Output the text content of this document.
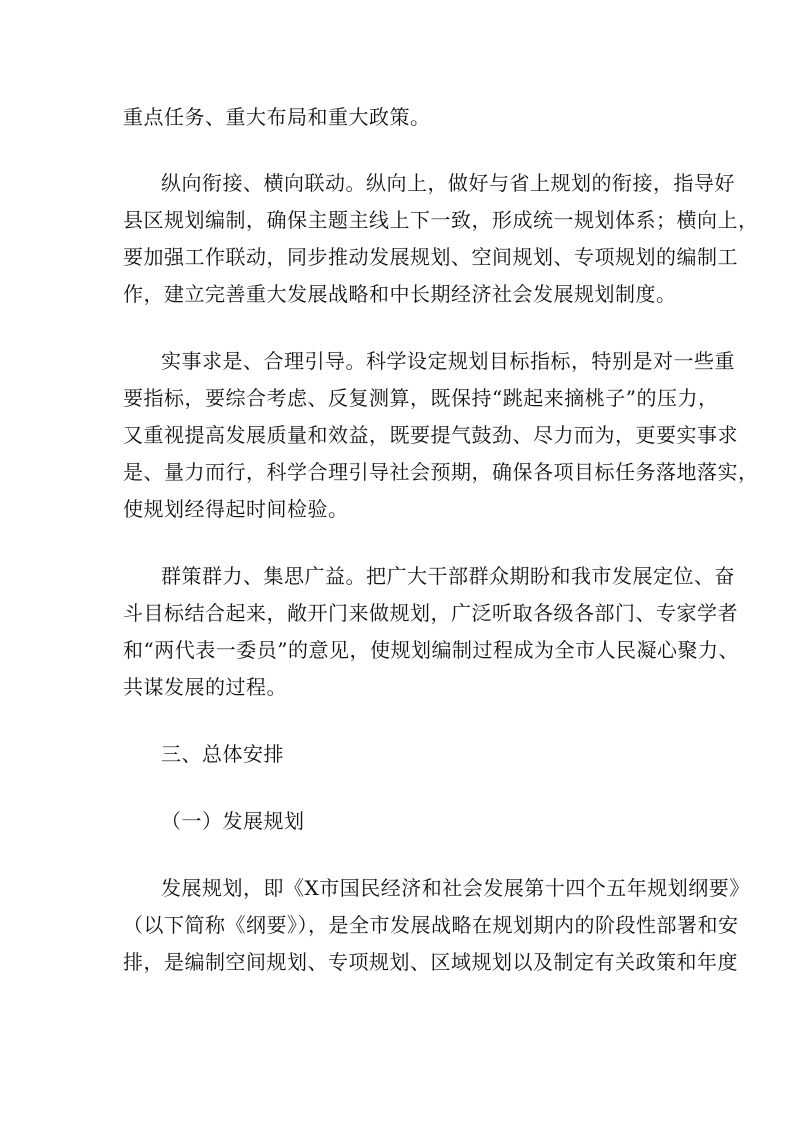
重点任务、重大布局和重大政策。
纵向衔接、横向联动。纵向上，做好与省上规划的衔接，指导好
县区规划编制，确保主题主线上下一致，形成统一规划体系；横向上，
要加强工作联动，同步推动发展规划、空间规划、专项规划的编制工
作，建立完善重大发展战略和中长期经济社会发展规划制度。
实事求是、合理引导。科学设定规划目标指标，特别是对一些重
要指标，要综合考虑、反复测算，既保持“跳起来摘桃子”的压力，
又重视提高发展质量和效益，既要提气鼓劲、尽力而为，更要实事求
是、量力而行，科学合理引导社会预期，确保各项目标任务落地落实，
使规划经得起时间检验。
群策群力、集思广益。把广大干部群众期盼和我市发展定位、奋
斗目标结合起来，敞开门来做规划，广泛听取各级各部门、专家学者
和“两代表一委员”的意见，使规划编制过程成为全市人民凝心聚力、
共谋发展的过程。
三、总体安排
（一）发展规划
发展规划，即《X市国民经济和社会发展第十四个五年规划纲要》
（以下简称《纲要》），是全市发展战略在规划期内的阶段性部署和安
排，是编制空间规划、专项规划、区域规划以及制定有关政策和年度
